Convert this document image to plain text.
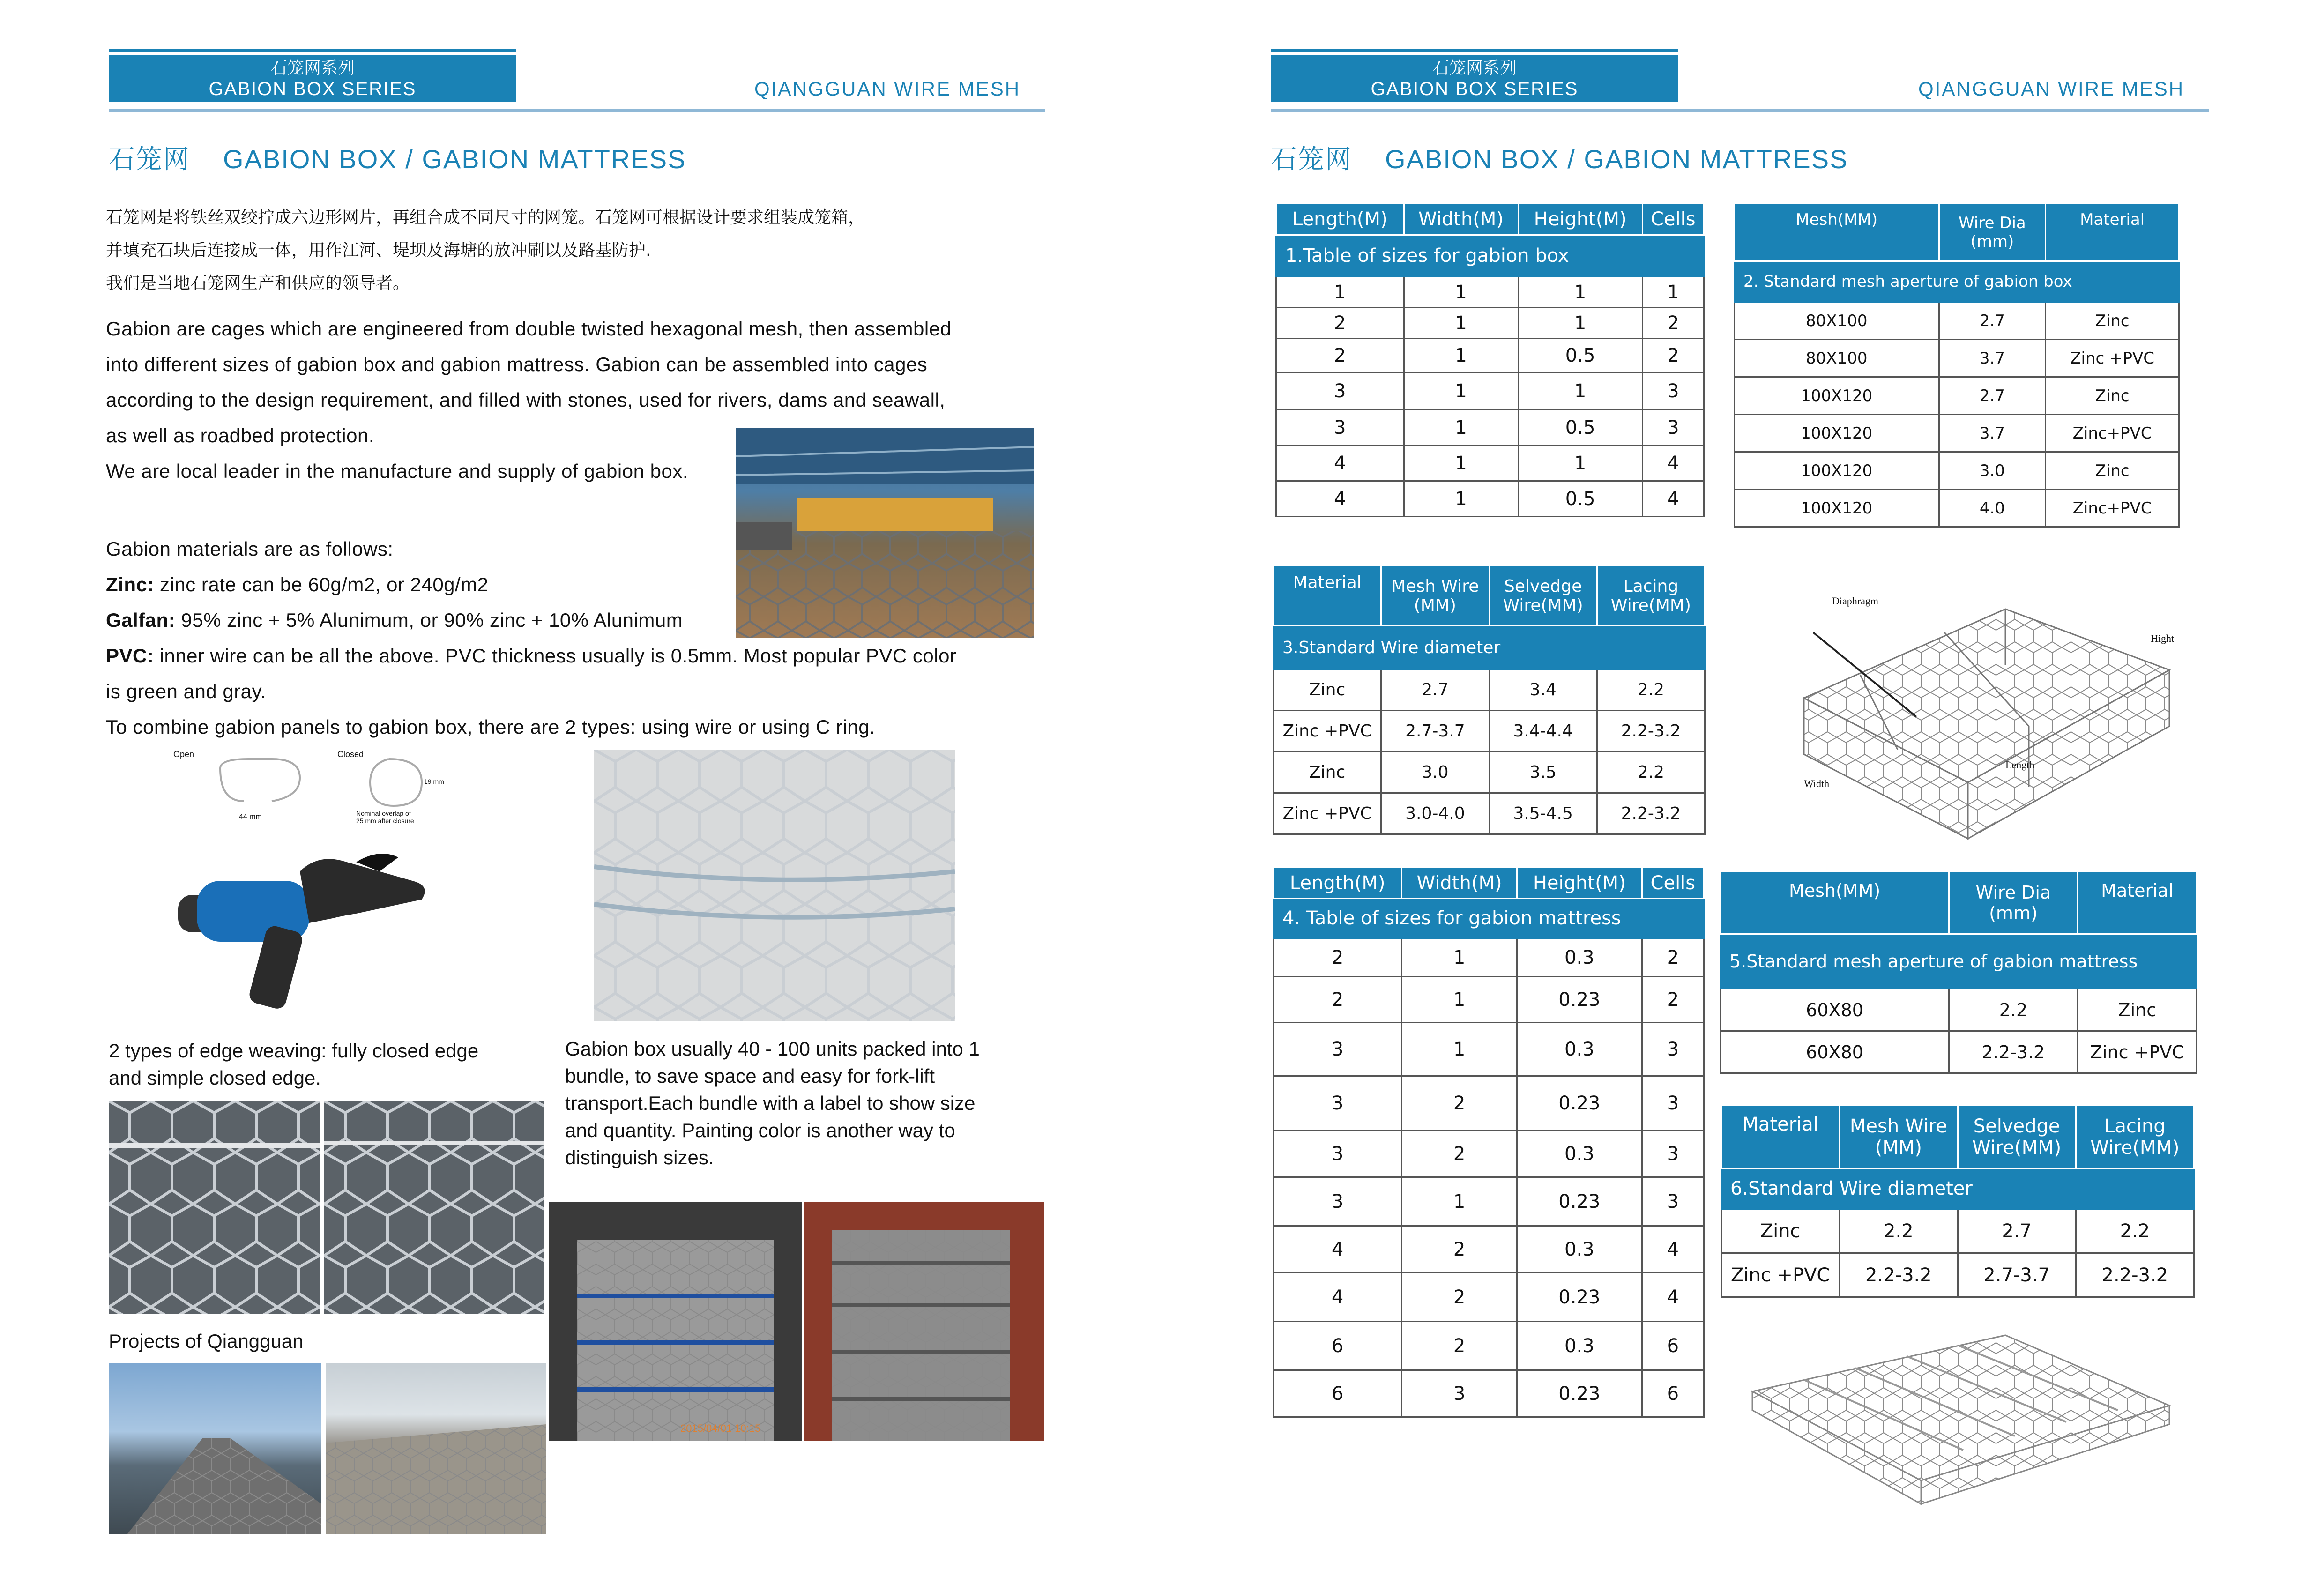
石笼网系列
GABION BOX SERIES	QIANGGUAN WIRE MESH
石笼网 GABION BOX / GABION MATTRESS
石笼网是将铁丝双绞拧成六边形网片，再组合成不同尺寸的网笼。石笼网可根据设计要求组装成笼箱，
并填充石块后连接成一体，用作江河、堤坝及海塘的放冲刷以及路基防护.
我们是当地石笼网生产和供应的领导者。
Gabion are cages which are engineered from double twisted hexagonal mesh, then assembled
into different sizes of gabion box and gabion mattress. Gabion can be assembled into cages
according to the design requirement, and filled with stones, used for rivers, dams and seawall,
as well as roadbed protection.
We are local leader in the manufacture and supply of gabion box.
Gabion materials are as follows:
Zinc: zinc rate can be 60g/m2, or 240g/m2
Galfan: 95% zinc + 5% Alunimum, or 90% zinc + 10% Alunimum
PVC: inner wire can be all the above. PVC thickness usually is 0.5mm. Most popular PVC color
is green and gray.
To combine gabion panels to gabion box, there are 2 types: using wire or using C ring.
Open	Closed
44 mm
19 mm
Nominal overlap of
25 mm after closure
2 types of edge weaving: fully closed edge
and simple closed edge.
Gabion box usually 40 - 100 units packed into 1
bundle, to save space and easy for fork-lift
transport.Each bundle with a label to show size
and quantity. Painting color is another way to
distinguish sizes.
2015/04/01 10:15
Projects of Qiangguan
石笼网系列
GABION BOX SERIES	QIANGGUAN WIRE MESH
石笼网 GABION BOX / GABION MATTRESS
1.Table of sizes for gabion box			
Length(M)	Width(M)	Height(M)	Cells
1	1	1	1
2	1	1	2
2	1	0.5	2
3	1	1	3
3	1	0.5	3
4	1	1	4
4	1	0.5	4
2. Standard mesh aperture of gabion box		
Mesh(MM)	Wire Dia (mm)	Material
80X100	2.7	Zinc
80X100	3.7	Zinc +PVC
100X120	2.7	Zinc
100X120	3.7	Zinc+PVC
100X120	3.0	Zinc
100X120	4.0	Zinc+PVC
3.Standard Wire diameter			
Material	Mesh Wire (MM)	Selvedge Wire(MM)	Lacing Wire(MM)
Zinc	2.7	3.4	2.2
Zinc +PVC	2.7-3.7	3.4-4.4	2.2-3.2
Zinc	3.0	3.5	2.2
Zinc +PVC	3.0-4.0	3.5-4.5	2.2-3.2
Diaphragm
Hight
Length
Width
4. Table of sizes for gabion mattress			
Length(M)	Width(M)	Height(M)	Cells
2	1	0.3	2
2	1	0.23	2
3	1	0.3	3
3	2	0.23	3
3	2	0.3	3
3	1	0.23	3
4	2	0.3	4
4	2	0.23	4
6	2	0.3	6
6	3	0.23	6
5.Standard mesh aperture of gabion mattress		
Mesh(MM)	Wire Dia (mm)	Material
60X80	2.2	Zinc
60X80	2.2-3.2	Zinc +PVC
6.Standard Wire diameter			
Material	Mesh Wire (MM)	Selvedge Wire(MM)	Lacing Wire(MM)
Zinc	2.2	2.7	2.2
Zinc +PVC	2.2-3.2	2.7-3.7	2.2-3.2
